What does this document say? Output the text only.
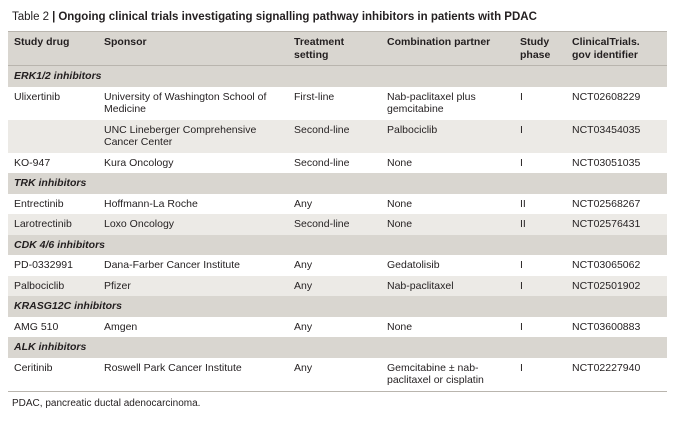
Table 2 | Ongoing clinical trials investigating signalling pathway inhibitors in patients with PDAC
Study drug	Sponsor	Treatment setting	Combination partner	Study phase	ClinicalTrials. gov identifier
ERK1/2 inhibitors					
Ulixertinib	University of Washington School of Medicine	First-line	Nab-paclitaxel plus gemcitabine	I	NCT02608229
	UNC Lineberger Comprehensive Cancer Center	Second-line	Palbociclib	I	NCT03454035
KO-947	Kura Oncology	Second-line	None	I	NCT03051035
TRK inhibitors					
Entrectinib	Hoffmann-La Roche	Any	None	II	NCT02568267
Larotrectinib	Loxo Oncology	Second-line	None	II	NCT02576431
CDK 4/6 inhibitors					
PD-0332991	Dana-Farber Cancer Institute	Any	Gedatolisib	I	NCT03065062
Palbociclib	Pfizer	Any	Nab-paclitaxel	I	NCT02501902
KRASG12C inhibitors					
AMG 510	Amgen	Any	None	I	NCT03600883
ALK inhibitors					
Ceritinib	Roswell Park Cancer Institute	Any	Gemcitabine ± nab-paclitaxel or cisplatin	I	NCT02227940
PDAC, pancreatic ductal adenocarcinoma.
